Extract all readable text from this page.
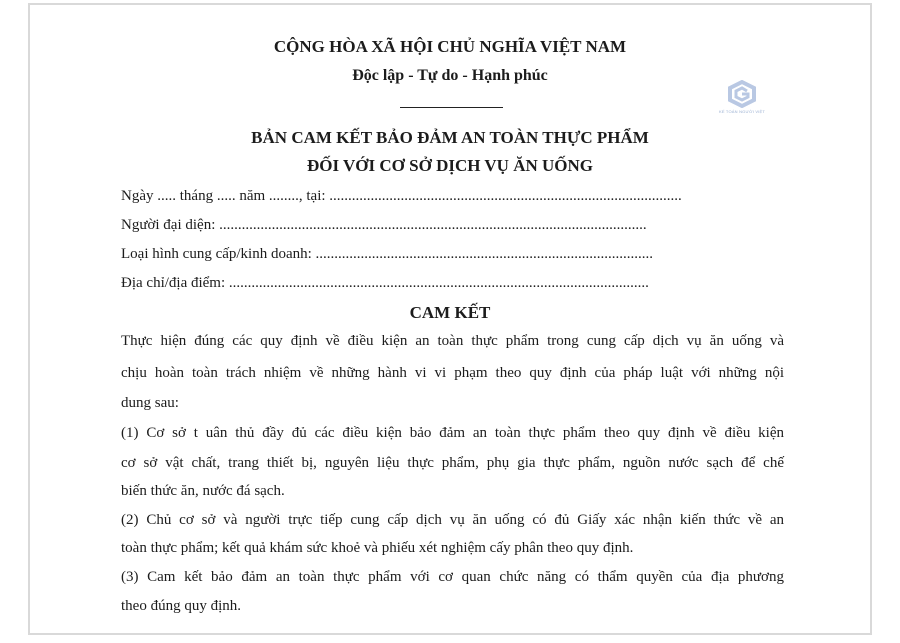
CỘNG HÒA XÃ HỘI CHỦ NGHĨA VIỆT NAM
Độc lập - Tự do - Hạnh phúc
KẾ TOÁN NGƯỜI VIỆT
BẢN CAM KẾT BẢO ĐẢM AN TOÀN THỰC PHẨM
ĐỐI VỚI CƠ SỞ DỊCH VỤ ĂN UỐNG
Ngày ..... tháng ..... năm ........, tại: ..............................................................................................
Người đại diện: ..................................................................................................................
Loại hình cung cấp/kinh doanh: ..........................................................................................
Địa chỉ/địa điểm: ................................................................................................................
CAM KẾT
Thực hiện đúng các quy định về điều kiện an toàn thực phẩm trong cung cấp dịch vụ ăn uống và
chịu hoàn toàn trách nhiệm về những hành vi vi phạm theo quy định của pháp luật với những nội
dung sau:
(1) Cơ sở t uân thủ đầy đủ các điều kiện bảo đảm an toàn thực phẩm theo quy định về điều kiện
cơ sở vật chất, trang thiết bị, nguyên liệu thực phẩm, phụ gia thực phẩm, nguồn nước sạch để chế
biến thức ăn, nước đá sạch.
(2) Chủ cơ sở và người trực tiếp cung cấp dịch vụ ăn uống có đủ Giấy xác nhận kiến thức về an
toàn thực phẩm; kết quả khám sức khoẻ và phiếu xét nghiệm cấy phân theo quy định.
(3) Cam kết bảo đảm an toàn thực phẩm với cơ quan chức năng có thẩm quyền của địa phương
theo đúng quy định.
